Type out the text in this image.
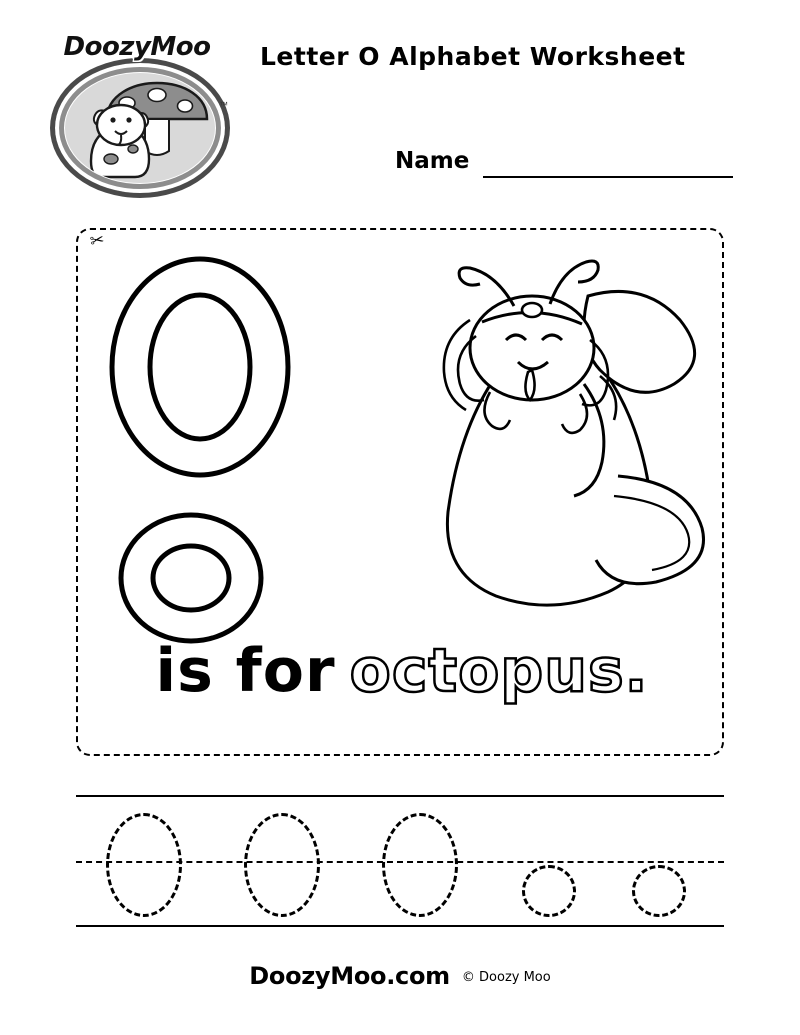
DoozyMoo
™
Letter O Alphabet Worksheet
Name
✂
is for octopus.
DoozyMoo.com © Doozy Moo
